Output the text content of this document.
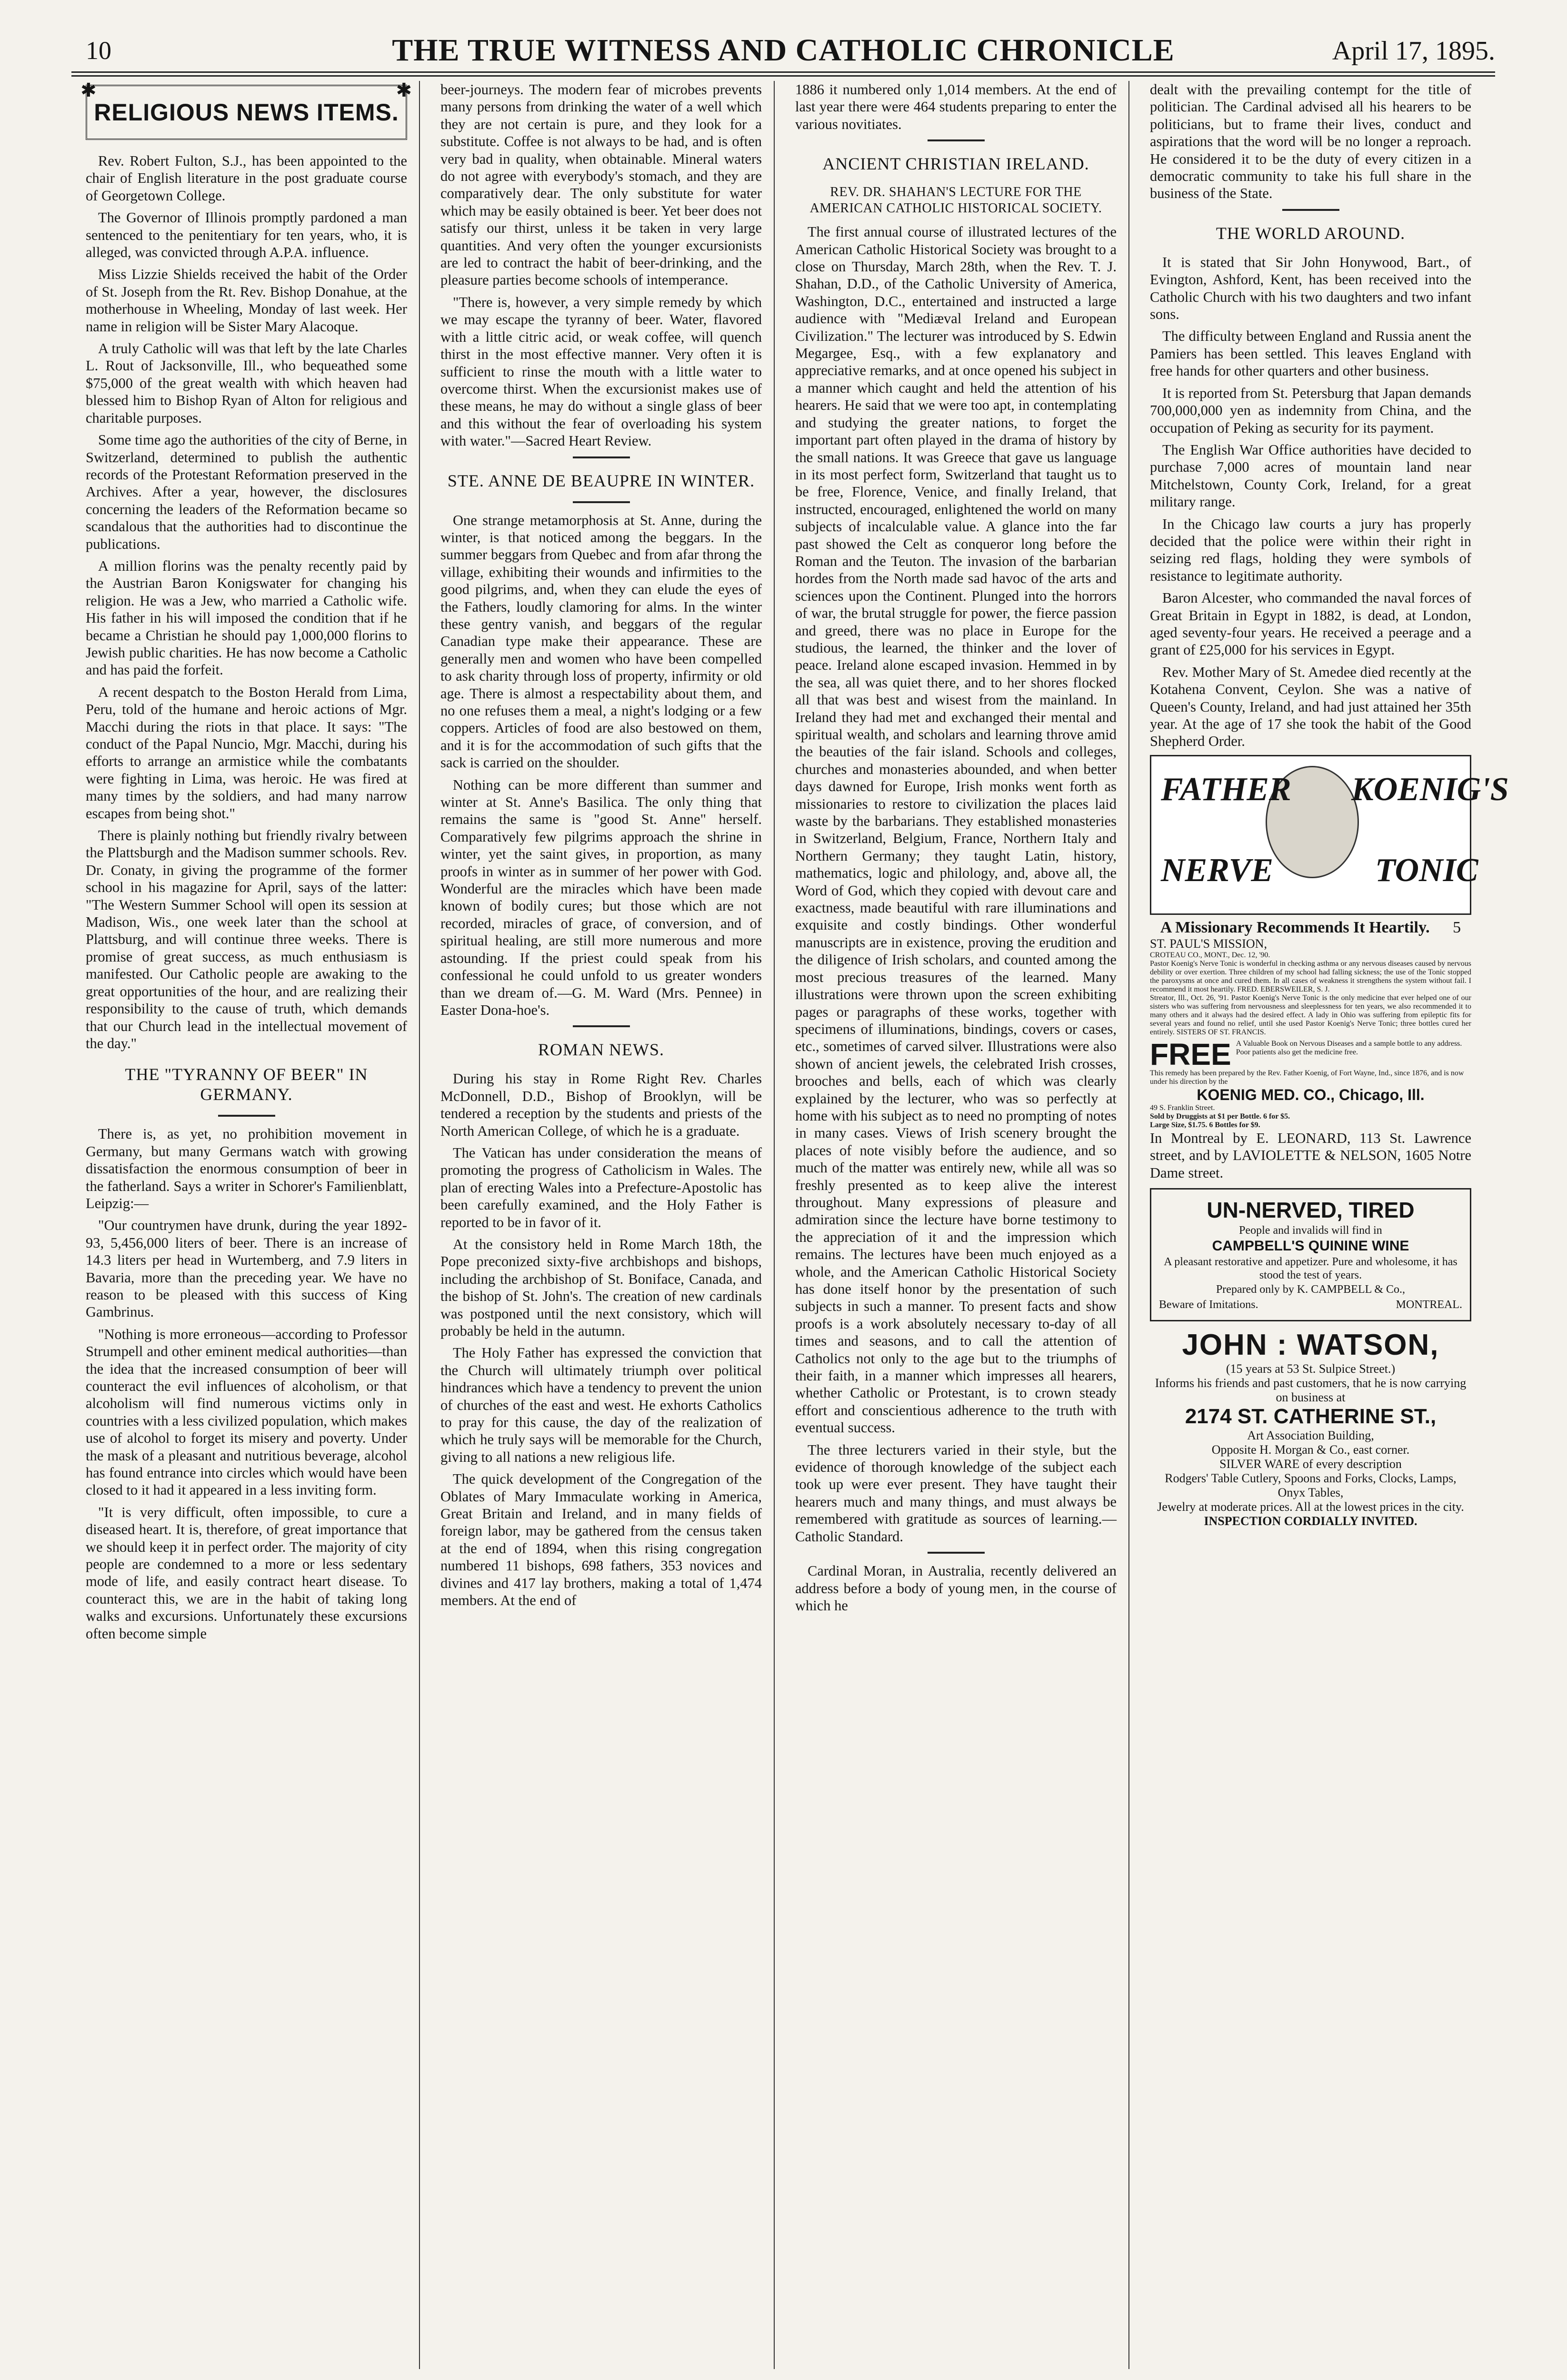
10	THE TRUE WITNESS AND CATHOLIC CHRONICLE	April 17, 1895.
✱	✱
RELIGIOUS NEWS ITEMS.

Rev. Robert Fulton, S.J., has been appointed to the chair of English literature in the post graduate course of Georgetown College.

The Governor of Illinois promptly pardoned a man sentenced to the penitentiary for ten years, who, it is alleged, was convicted through A.P.A. influence.

Miss Lizzie Shields received the habit of the Order of St. Joseph from the Rt. Rev. Bishop Donahue, at the motherhouse in Wheeling, Monday of last week. Her name in religion will be Sister Mary Alacoque.

A truly Catholic will was that left by the late Charles L. Rout of Jacksonville, Ill., who bequeathed some $75,000 of the great wealth with which heaven had blessed him to Bishop Ryan of Alton for religious and charitable purposes.

Some time ago the authorities of the city of Berne, in Switzerland, determined to publish the authentic records of the Protestant Reformation preserved in the Archives. After a year, however, the disclosures concerning the leaders of the Reformation became so scandalous that the authorities had to discontinue the publications.

A million florins was the penalty recently paid by the Austrian Baron Konigswater for changing his religion. He was a Jew, who married a Catholic wife. His father in his will imposed the condition that if he became a Christian he should pay 1,000,000 florins to Jewish public charities. He has now become a Catholic and has paid the forfeit.

A recent despatch to the Boston Herald from Lima, Peru, told of the humane and heroic actions of Mgr. Macchi during the riots in that place. It says: "The conduct of the Papal Nuncio, Mgr. Macchi, during his efforts to arrange an armistice while the combatants were fighting in Lima, was heroic. He was fired at many times by the soldiers, and had many narrow escapes from being shot."

There is plainly nothing but friendly rivalry between the Plattsburgh and the Madison summer schools. Rev. Dr. Conaty, in giving the programme of the former school in his magazine for April, says of the latter: "The Western Summer School will open its session at Madison, Wis., one week later than the school at Plattsburg, and will continue three weeks. There is promise of great success, as much enthusiasm is manifested. Our Catholic people are awaking to the great opportunities of the hour, and are realizing their responsibility to the cause of truth, which demands that our Church lead in the intellectual movement of the day."

THE "TYRANNY OF BEER" IN GERMANY.

There is, as yet, no prohibition movement in Germany, but many Germans watch with growing dissatisfaction the enormous consumption of beer in the fatherland. Says a writer in Schorer's Familienblatt, Leipzig:—

"Our countrymen have drunk, during the year 1892-93, 5,456,000 liters of beer. There is an increase of 14.3 liters per head in Wurtemberg, and 7.9 liters in Bavaria, more than the preceding year. We have no reason to be pleased with this success of King Gambrinus.

"Nothing is more erroneous—according to Professor Strumpell and other eminent medical authorities—than the idea that the increased consumption of beer will counteract the evil influences of alcoholism, or that alcoholism will find numerous victims only in countries with a less civilized population, which makes use of alcohol to forget its misery and poverty. Under the mask of a pleasant and nutritious beverage, alcohol has found entrance into circles which would have been closed to it had it appeared in a less inviting form.

"It is very difficult, often impossible, to cure a diseased heart. It is, therefore, of great importance that we should keep it in perfect order. The majority of city people are condemned to a more or less sedentary mode of life, and easily contract heart disease. To counteract this, we are in the habit of taking long walks and excursions. Unfortunately these excursions often become simple

beer-journeys. The modern fear of microbes prevents many persons from drinking the water of a well which they are not certain is pure, and they look for a substitute. Coffee is not always to be had, and is often very bad in quality, when obtainable. Mineral waters do not agree with everybody's stomach, and they are comparatively dear. The only substitute for water which may be easily obtained is beer. Yet beer does not satisfy our thirst, unless it be taken in very large quantities. And very often the younger excursionists are led to contract the habit of beer-drinking, and the pleasure parties become schools of intemperance.

"There is, however, a very simple remedy by which we may escape the tyranny of beer. Water, flavored with a little citric acid, or weak coffee, will quench thirst in the most effective manner. Very often it is sufficient to rinse the mouth with a little water to overcome thirst. When the excursionist makes use of these means, he may do without a single glass of beer and this without the fear of overloading his system with water."—Sacred Heart Review.

STE. ANNE DE BEAUPRE IN WINTER.

One strange metamorphosis at St. Anne, during the winter, is that noticed among the beggars. In the summer beggars from Quebec and from afar throng the village, exhibiting their wounds and infirmities to the good pilgrims, and, when they can elude the eyes of the Fathers, loudly clamoring for alms. In the winter these gentry vanish, and beggars of the regular Canadian type make their appearance. These are generally men and women who have been compelled to ask charity through loss of property, infirmity or old age. There is almost a respectability about them, and no one refuses them a meal, a night's lodging or a few coppers. Articles of food are also bestowed on them, and it is for the accommodation of such gifts that the sack is carried on the shoulder.

Nothing can be more different than summer and winter at St. Anne's Basilica. The only thing that remains the same is "good St. Anne" herself. Comparatively few pilgrims approach the shrine in winter, yet the saint gives, in proportion, as many proofs in winter as in summer of her power with God. Wonderful are the miracles which have been made known of bodily cures; but those which are not recorded, miracles of grace, of conversion, and of spiritual healing, are still more numerous and more astounding. If the priest could speak from his confessional he could unfold to us greater wonders than we dream of.—G. M. Ward (Mrs. Pennee) in Easter Dona-hoe's.

ROMAN NEWS.

During his stay in Rome Right Rev. Charles McDonnell, D.D., Bishop of Brooklyn, will be tendered a reception by the students and priests of the North American College, of which he is a graduate.

The Vatican has under consideration the means of promoting the progress of Catholicism in Wales. The plan of erecting Wales into a Prefecture-Apostolic has been carefully examined, and the Holy Father is reported to be in favor of it.

At the consistory held in Rome March 18th, the Pope preconized sixty-five archbishops and bishops, including the archbishop of St. Boniface, Canada, and the bishop of St. John's. The creation of new cardinals was postponed until the next consistory, which will probably be held in the autumn.

The Holy Father has expressed the conviction that the Church will ultimately triumph over political hindrances which have a tendency to prevent the union of churches of the east and west. He exhorts Catholics to pray for this cause, the day of the realization of which he truly says will be memorable for the Church, giving to all nations a new religious life.

The quick development of the Congregation of the Oblates of Mary Immaculate working in America, Great Britain and Ireland, and in many fields of foreign labor, may be gathered from the census taken at the end of 1894, when this rising congregation numbered 11 bishops, 698 fathers, 353 novices and divines and 417 lay brothers, making a total of 1,474 members. At the end of

1886 it numbered only 1,014 members. At the end of last year there were 464 students preparing to enter the various novitiates.

ANCIENT CHRISTIAN IRELAND.
REV. DR. SHAHAN'S LECTURE FOR THE AMERICAN CATHOLIC HISTORICAL SOCIETY.

The first annual course of illustrated lectures of the American Catholic Historical Society was brought to a close on Thursday, March 28th, when the Rev. T. J. Shahan, D.D., of the Catholic University of America, Washington, D.C., entertained and instructed a large audience with "Mediæval Ireland and European Civilization." The lecturer was introduced by S. Edwin Megargee, Esq., with a few explanatory and appreciative remarks, and at once opened his subject in a manner which caught and held the attention of his hearers. He said that we were too apt, in contemplating and studying the greater nations, to forget the important part often played in the drama of history by the small nations. It was Greece that gave us language in its most perfect form, Switzerland that taught us to be free, Florence, Venice, and finally Ireland, that instructed, encouraged, enlightened the world on many subjects of incalculable value. A glance into the far past showed the Celt as conqueror long before the Roman and the Teuton. The invasion of the barbarian hordes from the North made sad havoc of the arts and sciences upon the Continent. Plunged into the horrors of war, the brutal struggle for power, the fierce passion and greed, there was no place in Europe for the studious, the learned, the thinker and the lover of peace. Ireland alone escaped invasion. Hemmed in by the sea, all was quiet there, and to her shores flocked all that was best and wisest from the mainland. In Ireland they had met and exchanged their mental and spiritual wealth, and scholars and learning throve amid the beauties of the fair island. Schools and colleges, churches and monasteries abounded, and when better days dawned for Europe, Irish monks went forth as missionaries to restore to civilization the places laid waste by the barbarians. They established monasteries in Switzerland, Belgium, France, Northern Italy and Northern Germany; they taught Latin, history, mathematics, logic and philology, and, above all, the Word of God, which they copied with devout care and exactness, made beautiful with rare illuminations and exquisite and costly bindings. Other wonderful manuscripts are in existence, proving the erudition and the diligence of Irish scholars, and counted among the most precious treasures of the learned. Many illustrations were thrown upon the screen exhibiting pages or paragraphs of these works, together with specimens of illuminations, bindings, covers or cases, etc., sometimes of carved silver. Illustrations were also shown of ancient jewels, the celebrated Irish crosses, brooches and bells, each of which was clearly explained by the lecturer, who was so perfectly at home with his subject as to need no prompting of notes in many cases. Views of Irish scenery brought the places of note visibly before the audience, and so much of the matter was entirely new, while all was so freshly presented as to keep alive the interest throughout. Many expressions of pleasure and admiration since the lecture have borne testimony to the appreciation of it and the impression which remains. The lectures have been much enjoyed as a whole, and the American Catholic Historical Society has done itself honor by the presentation of such subjects in such a manner. To present facts and show proofs is a work absolutely necessary to-day of all times and seasons, and to call the attention of Catholics not only to the age but to the triumphs of their faith, in a manner which impresses all hearers, whether Catholic or Protestant, is to crown steady effort and conscientious adherence to the truth with eventual success.

The three lecturers varied in their style, but the evidence of thorough knowledge of the subject each took up were ever present. They have taught their hearers much and many things, and must always be remembered with gratitude as sources of learning.—Catholic Standard.

Cardinal Moran, in Australia, recently delivered an address before a body of young men, in the course of which he

dealt with the prevailing contempt for the title of politician. The Cardinal advised all his hearers to be politicians, but to frame their lives, conduct and aspirations that the word will be no longer a reproach. He considered it to be the duty of every citizen in a democratic community to take his full share in the business of the State.

THE WORLD AROUND.

It is stated that Sir John Honywood, Bart., of Evington, Ashford, Kent, has been received into the Catholic Church with his two daughters and two infant sons.

The difficulty between England and Russia anent the Pamiers has been settled. This leaves England with free hands for other quarters and other business.

It is reported from St. Petersburg that Japan demands 700,000,000 yen as indemnity from China, and the occupation of Peking as security for its payment.

The English War Office authorities have decided to purchase 7,000 acres of mountain land near Mitchelstown, County Cork, Ireland, for a great military range.

In the Chicago law courts a jury has properly decided that the police were within their right in seizing red flags, holding they were symbols of resistance to legitimate authority.

Baron Alcester, who commanded the naval forces of Great Britain in Egypt in 1882, is dead, at London, aged seventy-four years. He received a peerage and a grant of £25,000 for his services in Egypt.

Rev. Mother Mary of St. Amedee died recently at the Kotahena Convent, Ceylon. She was a native of Queen's County, Ireland, and had just attained her 35th year. At the age of 17 she took the habit of the Good Shepherd Order.

FATHER KOENIG'S
NERVE	TONIC
A Missionary Recommends It Heartily. 5
ST. PAUL'S MISSION,
CROTEAU CO., MONT., Dec. 12, '90.
Pastor Koenig's Nerve Tonic is wonderful in checking asthma or any nervous diseases caused by nervous debility or over exertion. Three children of my school had falling sickness; the use of the Tonic stopped the paroxysms at once and cured them. In all cases of weakness it strengthens the system without fail. I recommend it most heartily. FRED. EBERSWEILER, S. J.
Streator, Ill., Oct. 26, '91. Pastor Koenig's Nerve Tonic is the only medicine that ever helped one of our sisters who was suffering from nervousness and sleeplessness for ten years, we also recommended it to many others and it always had the desired effect. A lady in Ohio was suffering from epileptic fits for several years and found no relief, until she used Pastor Koenig's Nerve Tonic; three bottles cured her entirely. SISTERS OF ST. FRANCIS.
FREE A Valuable Book on Nervous Diseases and a sample bottle to any address. Poor patients also get the medicine free.
This remedy has been prepared by the Rev. Father Koenig, of Fort Wayne, Ind., since 1876, and is now under his direction by the
KOENIG MED. CO., Chicago, Ill.
49 S. Franklin Street.
Sold by Druggists at $1 per Bottle. 6 for $5.
Large Size, $1.75. 6 Bottles for $9.

In Montreal by E. LEONARD, 113 St. Lawrence street, and by LAVIOLETTE & NELSON, 1605 Notre Dame street.

UN-NERVED, TIRED
People and invalids will find in
CAMPBELL'S QUININE WINE
A pleasant restorative and appetizer. Pure and wholesome, it has stood the test of years.
Prepared only by K. CAMPBELL & Co.,
Beware of Imitations.	MONTREAL.
JOHN : WATSON,
(15 years at 53 St. Sulpice Street.)
Informs his friends and past customers, that he is now carrying on business at
2174 ST. CATHERINE ST.,
Art Association Building,
Opposite H. Morgan & Co., east corner.
SILVER WARE of every description
Rodgers' Table Cutlery, Spoons and Forks, Clocks, Lamps, Onyx Tables,
Jewelry at moderate prices. All at the lowest prices in the city.
INSPECTION CORDIALLY INVITED.
